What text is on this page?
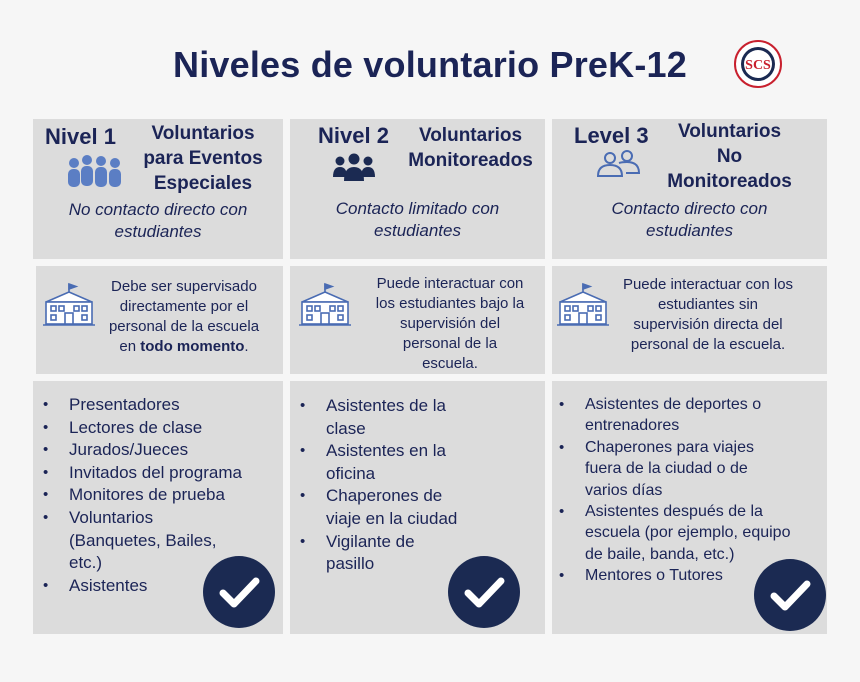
Niveles de voluntario PreK-12	SCS
Nivel 1	Voluntarios
para Eventos
Especiales
No contacto directo con
estudiantes
Nivel 2	Voluntarios
Monitoreados
Contacto limitado con
estudiantes
Level 3	Voluntarios
No
Monitoreados
Contacto directo con
estudiantes
Debe ser supervisado
directamente por el
personal de la escuela
en todo momento.
Puede interactuar con
los estudiantes bajo la
supervisión del
personal de la
escuela.
Puede interactuar con los
estudiantes sin
supervisión directa del
personal de la escuela.
• Presentadores
• Lectores de clase
• Jurados/Jueces
• Invitados del programa
• Monitores de prueba
• Voluntarios (Banquetes, Bailes, etc.)
• Asistentes
• Asistentes de la clase
• Asistentes en la oficina
• Chaperones de viaje en la ciudad
• Vigilante de pasillo
• Asistentes de deportes o entrenadores
• Chaperones para viajes fuera de la ciudad o de varios días
• Asistentes después de la escuela (por ejemplo, equipo de baile, banda, etc.)
• Mentores o Tutores
